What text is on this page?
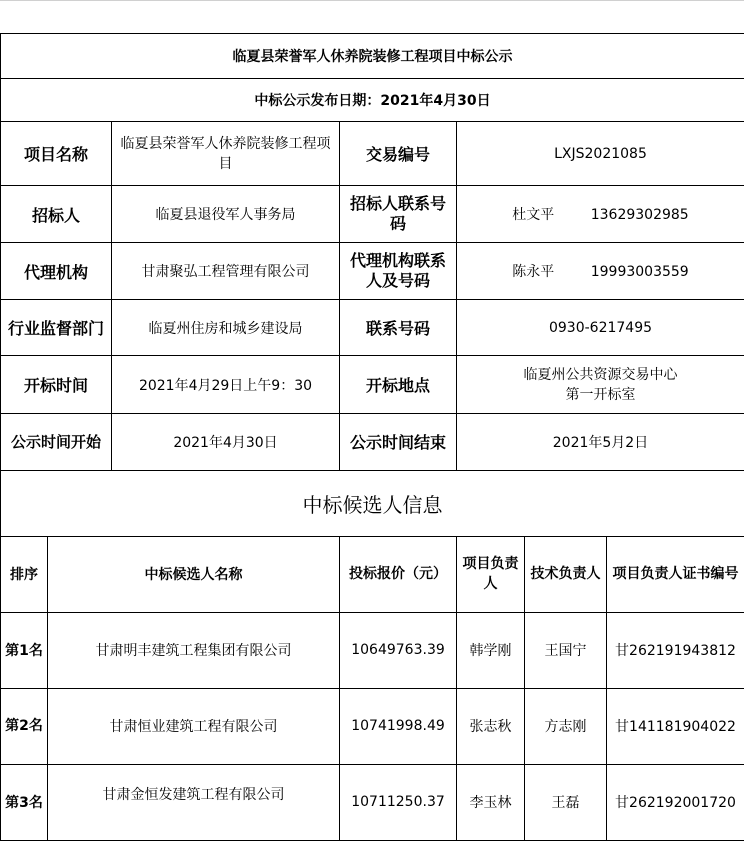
临夏县荣誉军人休养院装修工程项目中标公示						
中标公示发布日期：2021年4月30日						
项目名称		临夏县荣誉军人休养院装修工程项目	交易编号	LXJS2021085		
招标人		临夏县退役军人事务局	招标人联系号码	杜文平 13629302985		
代理机构		甘肃聚弘工程管理有限公司	代理机构联系人及号码	陈永平 19993003559		
行业监督部门		临夏州住房和城乡建设局	联系号码	0930-6217495		
开标时间		2021年4月29日上午9：30	开标地点	临夏州公共资源交易中心
第一开标室		

公示时间开始		2021年4月30日	公示时间结束	2021年5月2日		
中标候选人信息						
排序	中标候选人名称		投标报价（元）	项目负责人	技术负责人	项目负责人证书编号
第1名	甘肃明丰建筑工程集团有限公司		10649763.39	韩学刚	王国宁	甘262191943812
第2名	甘肃恒业建筑工程有限公司		10741998.49	张志秋	方志刚	甘141181904022
第3名	甘肃金恒发建筑工程有限公司		10711250.37	李玉林	王磊	甘262192001720
